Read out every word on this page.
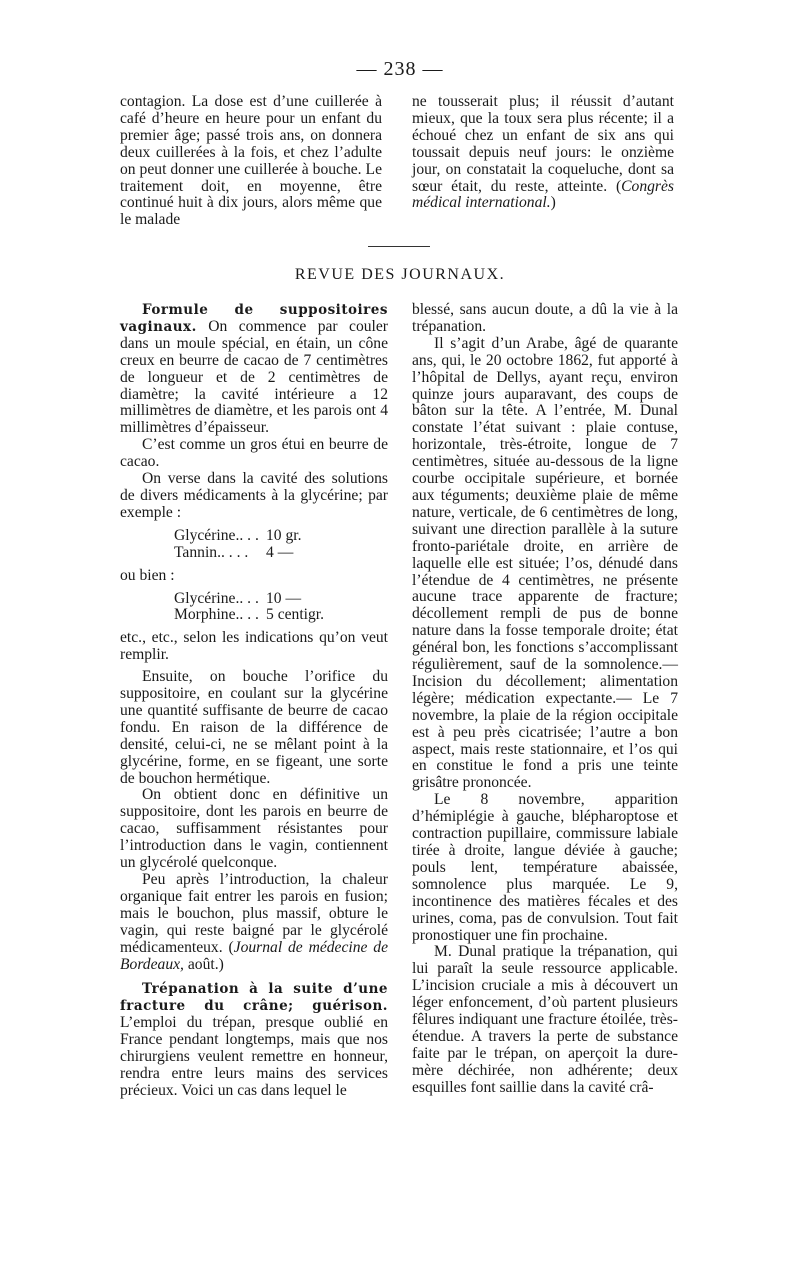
— 238 —

contagion. La dose est d’une cuillerée à café d’heure en heure pour un enfant du premier âge; passé trois ans, on donnera deux cuillerées à la fois, et chez l’adulte on peut donner une cuillerée à bouche. Le traitement doit, en moyenne, être continué huit à dix jours, alors même que le malade

ne tousserait plus; il réussit d’autant mieux, que la toux sera plus récente; il a échoué chez un enfant de six ans qui toussait depuis neuf jours: le onzième jour, on constatait la coqueluche, dont sa sœur était, du reste, atteinte. (Congrès médical international.)

REVUE DES JOURNAUX.

Formule de suppositoires vaginaux. On commence par couler dans un moule spécial, en étain, un cône creux en beurre de cacao de 7 centimètres de longueur et de 2 centimètres de diamètre; la cavité intérieure a 12 millimètres de diamètre, et les parois ont 4 millimètres d’épaisseur.

C’est comme un gros étui en beurre de cacao.

On verse dans la cavité des solutions de divers médicaments à la glycérine; par exemple :

Glycérine.. . . 10 gr.
Tannin.. . . .	4 —

ou bien :

Glycérine.. . . 10 —
Morphine.. . . 5 centigr.

etc., etc., selon les indications qu’on veut remplir.

Ensuite, on bouche l’orifice du suppositoire, en coulant sur la glycérine une quantité suffisante de beurre de cacao fondu. En raison de la différence de densité, celui-ci, ne se mêlant point à la glycérine, forme, en se figeant, une sorte de bouchon hermétique.

On obtient donc en définitive un suppositoire, dont les parois en beurre de cacao, suffisamment résistantes pour l’introduction dans le vagin, contiennent un glycérolé quelconque.

Peu après l’introduction, la chaleur organique fait entrer les parois en fusion; mais le bouchon, plus massif, obture le vagin, qui reste baigné par le glycérolé médicamenteux. (Journal de médecine de Bordeaux, août.)

Trépanation à la suite d’une fracture du crâne; guérison. L’emploi du trépan, presque oublié en France pendant longtemps, mais que nos chirurgiens veulent remettre en honneur, rendra entre leurs mains des services précieux. Voici un cas dans lequel le

blessé, sans aucun doute, a dû la vie à la trépanation.

Il s’agit d’un Arabe, âgé de quarante ans, qui, le 20 octobre 1862, fut apporté à l’hôpital de Dellys, ayant reçu, environ quinze jours auparavant, des coups de bâton sur la tête. A l’entrée, M. Dunal constate l’état suivant : plaie contuse, horizontale, très-étroite, longue de 7 centimètres, située au-dessous de la ligne courbe occipitale supérieure, et bornée aux téguments; deuxième plaie de même nature, verticale, de 6 centimètres de long, suivant une direction parallèle à la suture fronto-pariétale droite, en arrière de laquelle elle est située; l’os, dénudé dans l’étendue de 4 centimètres, ne présente aucune trace apparente de fracture; décollement rempli de pus de bonne nature dans la fosse temporale droite; état général bon, les fonctions s’accomplissant régulièrement, sauf de la somnolence.— Incision du décollement; alimentation légère; médication expectante.— Le 7 novembre, la plaie de la région occipitale est à peu près cicatrisée; l’autre a bon aspect, mais reste stationnaire, et l’os qui en constitue le fond a pris une teinte grisâtre prononcée.

Le 8 novembre, apparition d’hémiplégie à gauche, blépharoptose et contraction pupillaire, commissure labiale tirée à droite, langue déviée à gauche; pouls lent, température abaissée, somnolence plus marquée. Le 9, incontinence des matières fécales et des urines, coma, pas de convulsion. Tout fait pronostiquer une fin prochaine.

M. Dunal pratique la trépanation, qui lui paraît la seule ressource applicable. L’incision cruciale a mis à découvert un léger enfoncement, d’où partent plusieurs fêlures indiquant une fracture étoilée, très-étendue. A travers la perte de substance faite par le trépan, on aperçoit la dure-mère déchirée, non adhérente; deux esquilles font saillie dans la cavité crâ-
